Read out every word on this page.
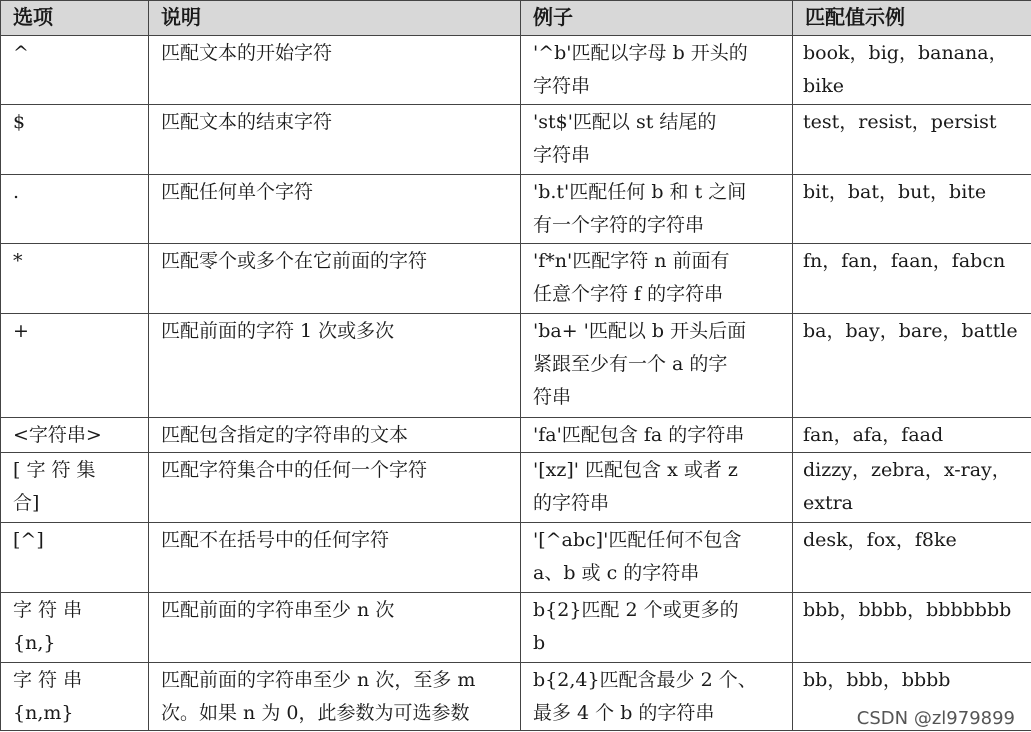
选项	说明	例子	匹配值示例

^	匹配文本的开始字符	'^b'匹配以字母 b 开头的
字符串	book，big，banana，
bike

$	匹配文本的结束字符	'st$'匹配以 st 结尾的
字符串	test，resist，persist

.	匹配任何单个字符	'b.t'匹配任何 b 和 t 之间
有一个字符的字符串	bit，bat，but，bite

*	匹配零个或多个在它前面的字符	'f*n'匹配字符 n 前面有
任意个字符 f 的字符串	fn，fan，faan，fabcn

+	匹配前面的字符 1 次或多次	'ba+ '匹配以 b 开头后面
紧跟至少有一个 a 的字
符串	ba，bay，bare，battle

<字符串>	匹配包含指定的字符串的文本	'fa'匹配包含 fa 的字符串	fan，afa，faad

[ 字 符 集
合]	匹配字符集合中的任何一个字符	'[xz]' 匹配包含 x 或者 z
的字符串	dizzy，zebra，x-ray，
extra

[^]	匹配不在括号中的任何字符	'[^abc]'匹配任何不包含
a、b 或 c 的字符串	desk，fox，f8ke

字 符 串
{n,}	匹配前面的字符串至少 n 次	b{2}匹配 2 个或更多的
b	bbb，bbbb，bbbbbbb

字 符 串
{n,m}	匹配前面的字符串至少 n 次，至多 m
次。如果 n 为 0，此参数为可选参数	b{2,4}匹配含最少 2 个、
最多 4 个 b 的字符串	bb，bbb，bbbb
CSDN @zl979899
